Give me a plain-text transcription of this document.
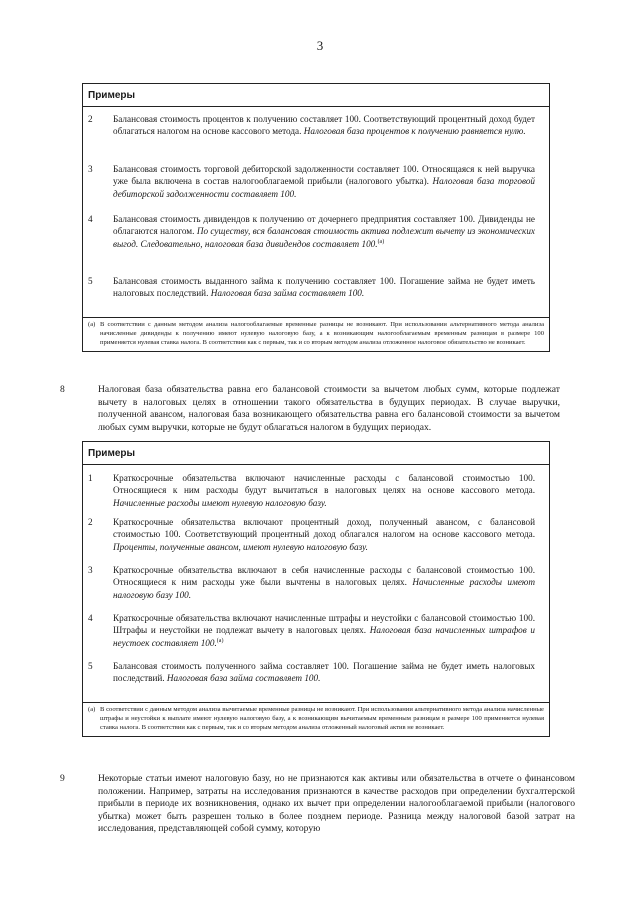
3
Примеры
2	Балансовая стоимость процентов к получению составляет 100. Соответствующий процентный доход будет облагаться налогом на основе кассового метода. Налоговая база процентов к получению равняется нулю.
3	Балансовая стоимость торговой дебиторской задолженности составляет 100. Относящаяся к ней выручка уже была включена в состав налогооблагаемой прибыли (налогового убытка). Налоговая база торговой дебиторской задолженности составляет 100.
4	Балансовая стоимость дивидендов к получению от дочернего предприятия составляет 100. Дивиденды не облагаются налогом. По существу, вся балансовая стоимость актива подлежит вычету из экономических выгод. Следовательно, налоговая база дивидендов составляет 100.$^{(a)}$
5	Балансовая стоимость выданного займа к получению составляет 100. Погашение займа не будет иметь налоговых последствий. Налоговая база займа составляет 100.
(a) В соответствии с данным методом анализа налогооблагаемые временные разницы не возникают. При использовании альтернативного метода анализа начисленные дивиденды к получению имеют нулевую налоговую базу, а к возникающим налогооблагаемым временным разницам в размере 100 применяется нулевая ставка налога. В соответствии как с первым, так и со вторым методом анализа отложенное налоговое обязательство не возникает.
8	Налоговая база обязательства равна его балансовой стоимости за вычетом любых сумм, которые подлежат вычету в налоговых целях в отношении такого обязательства в будущих периодах. В случае выручки, полученной авансом, налоговая база возникающего обязательства равна его балансовой стоимости за вычетом любых сумм выручки, которые не будут облагаться налогом в будущих периодах.
Примеры
1	Краткосрочные обязательства включают начисленные расходы с балансовой стоимостью 100. Относящиеся к ним расходы будут вычитаться в налоговых целях на основе кассового метода. Начисленные расходы имеют нулевую налоговую базу.
2	Краткосрочные обязательства включают процентный доход, полученный авансом, с балансовой стоимостью 100. Соответствующий процентный доход облагался налогом на основе кассового метода. Проценты, полученные авансом, имеют нулевую налоговую базу.
3	Краткосрочные обязательства включают в себя начисленные расходы с балансовой стоимостью 100. Относящиеся к ним расходы уже были вычтены в налоговых целях. Начисленные расходы имеют налоговую базу 100.
4	Краткосрочные обязательства включают начисленные штрафы и неустойки с балансовой стоимостью 100. Штрафы и неустойки не подлежат вычету в налоговых целях. Налоговая база начисленных штрафов и неустоек составляет 100.$^{(a)}$
5	Балансовая стоимость полученного займа составляет 100. Погашение займа не будет иметь налоговых последствий. Налоговая база займа составляет 100.
(a) В соответствии с данным методом анализа вычитаемые временные разницы не возникают. При использовании альтернативного метода анализа начисленные штрафы и неустойки к выплате имеют нулевую налоговую базу, а к возникающим вычитаемым временным разницам в размере 100 применяется нулевая ставка налога. В соответствии как с первым, так и со вторым методом анализа отложенный налоговый актив не возникает.
9	Некоторые статьи имеют налоговую базу, но не признаются как активы или обязательства в отчете о финансовом положении. Например, затраты на исследования признаются в качестве расходов при определении бухгалтерской прибыли в периоде их возникновения, однако их вычет при определении налогооблагаемой прибыли (налогового убытка) может быть разрешен только в более позднем периоде. Разница между налоговой базой затрат на исследования, представляющей собой сумму, которую
